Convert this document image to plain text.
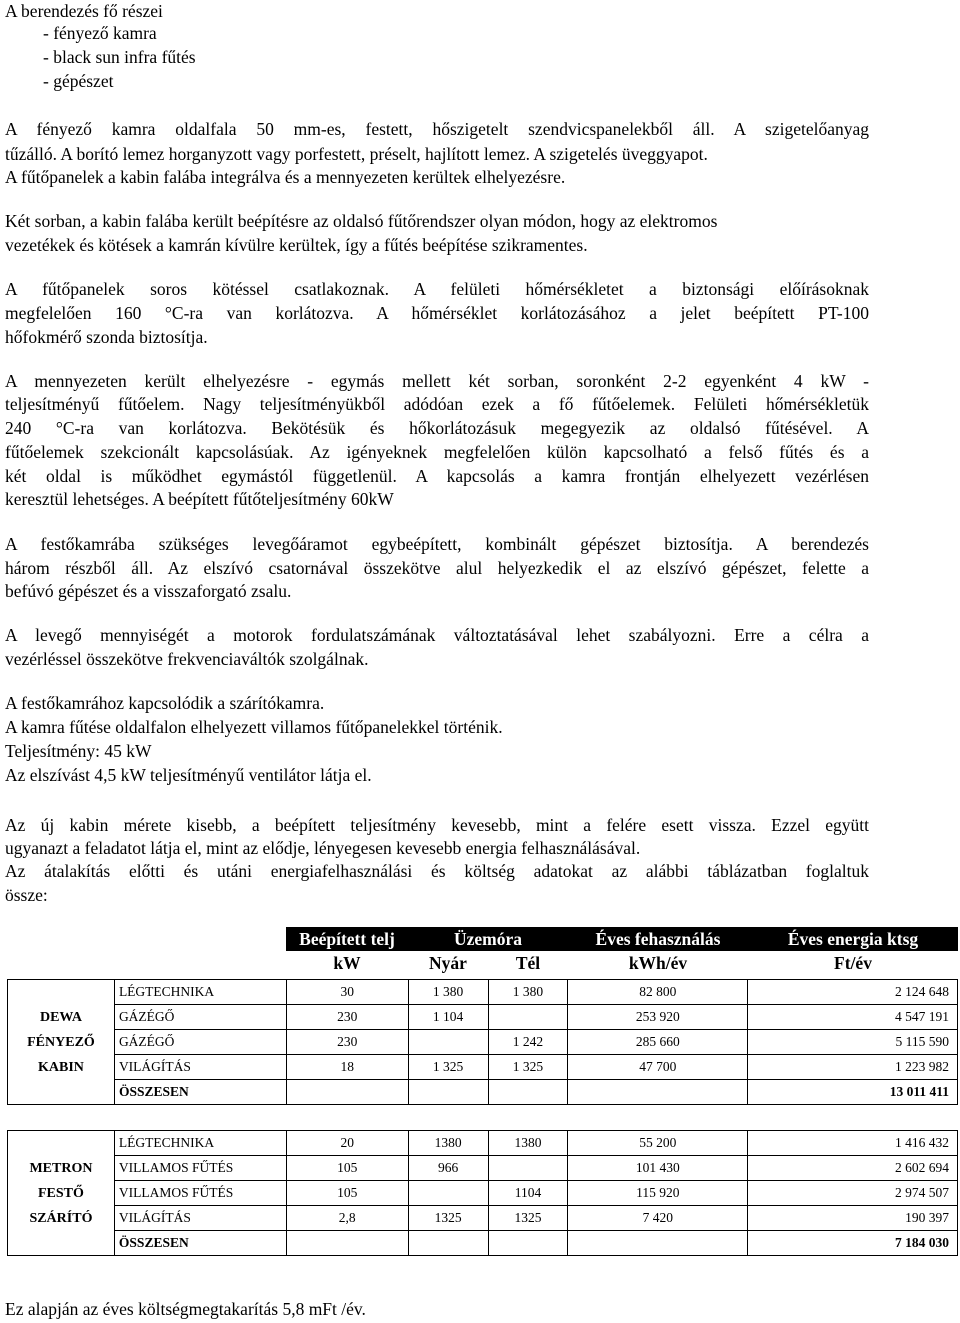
A berendezés fő részei
- fényező kamra
- black sun infra fűtés
- gépészet
A fényező kamra oldalfala 50 mm-es, festett, hőszigetelt szendvicspanelekből áll. A szigetelőanyag
tűzálló. A borító lemez horganyzott vagy porfestett, préselt, hajlított lemez. A szigetelés üveggyapot.
A fűtőpanelek a kabin falába integrálva és a mennyezeten kerültek elhelyezésre.
Két sorban, a kabin falába került beépítésre az oldalsó fűtőrendszer olyan módon, hogy az elektromos
vezetékek és kötések a kamrán kívülre kerültek, így a fűtés beépítése szikramentes.
A fűtőpanelek soros kötéssel csatlakoznak. A felületi hőmérsékletet a biztonsági előírásoknak
megfelelően 160 °C-ra van korlátozva. A hőmérséklet korlátozásához a jelet beépített PT-100
hőfokmérő szonda biztosítja.
A mennyezeten került elhelyezésre - egymás mellett két sorban, soronként 2-2 egyenként 4 kW -
teljesítményű fűtőelem. Nagy teljesítményükből adódóan ezek a fő fűtőelemek. Felületi hőmérsékletük
240 °C-ra van korlátozva. Bekötésük és hőkorlátozásuk megegyezik az oldalsó fűtésével. A
fűtőelemek szekcionált kapcsolásúak. Az igényeknek megfelelően külön kapcsolható a felső fűtés és a
két oldal is működhet egymástól függetlenül. A kapcsolás a kamra frontján elhelyezett vezérlésen
keresztül lehetséges. A beépített fűtőteljesítmény 60kW
A festőkamrába szükséges levegőáramot egybeépített, kombinált gépészet biztosítja. A berendezés
három részből áll. Az elszívó csatornával összekötve alul helyezkedik el az elszívó gépészet, felette a
befúvó gépészet és a visszaforgató zsalu.
A levegő mennyiségét a motorok fordulatszámának változtatásával lehet szabályozni. Erre a célra a
vezérléssel összekötve frekvenciaváltók szolgálnak.
A festőkamrához kapcsolódik a szárítókamra.
A kamra fűtése oldalfalon elhelyezett villamos fűtőpanelekkel történik.
Teljesítmény: 45 kW
Az elszívást 4,5 kW teljesítményű ventilátor látja el.
Az új kabin mérete kisebb, a beépített teljesítmény kevesebb, mint a felére esett vissza. Ezzel együtt
ugyanazt a feladatot látja el, mint az elődje, lényegesen kevesebb energia felhasználásával.
Az átalakítás előtti és utáni energiafelhasználási és költség adatokat az alábbi táblázatban foglaltuk
össze:
Beépített telj	Üzemóra		Éves fehasználás	Éves energia ktsg
kW	Nyár	Tél	kWh/év	Ft/év
DEWA
FÉNYEZŐ
KABIN	LÉGTECHNIKA	30	1 380	1 380	82 800	2 124 648
	GÁZÉGŐ	230	1 104		253 920	4 547 191
	GÁZÉGŐ	230		1 242	285 660	5 115 590
	VILÁGÍTÁS	18	1 325	1 325	47 700	1 223 982
	ÖSSZESEN					13 011 411
METRON
FESTŐ
SZÁRÍTÓ	LÉGTECHNIKA	20	1380	1380	55 200	1 416 432
	VILLAMOS FŰTÉS	105	966		101 430	2 602 694
	VILLAMOS FŰTÉS	105		1104	115 920	2 974 507
	VILÁGÍTÁS	2,8	1325	1325	7 420	190 397
	ÖSSZESEN					7 184 030
Ez alapján az éves költségmegtakarítás 5,8 mFt /év.
